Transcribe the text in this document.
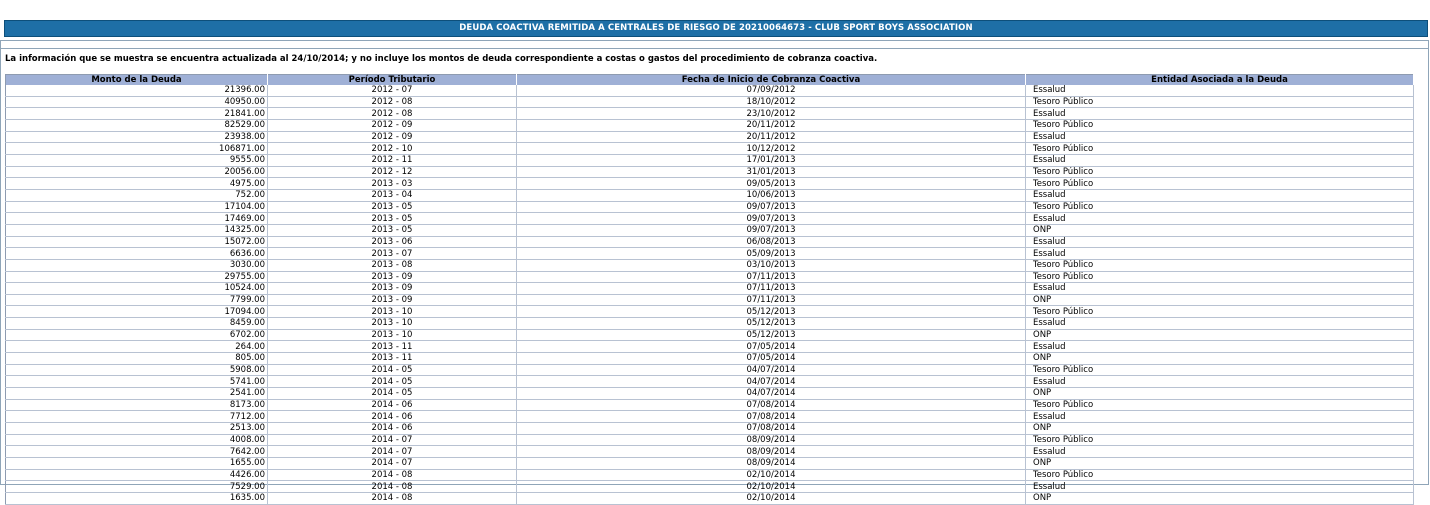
DEUDA COACTIVA REMITIDA A CENTRALES DE RIESGO DE 20210064673 - CLUB SPORT BOYS ASSOCIATION
La información que se muestra se encuentra actualizada al 24/10/2014; y no incluye los montos de deuda correspondiente a costas o gastos del procedimiento de cobranza coactiva.
Monto de la Deuda	Período Tributario	Fecha de Inicio de Cobranza Coactiva	Entidad Asociada a la Deuda
21396.00	2012 - 07	07/09/2012	Essalud
40950.00	2012 - 08	18/10/2012	Tesoro Público
21841.00	2012 - 08	23/10/2012	Essalud
82529.00	2012 - 09	20/11/2012	Tesoro Público
23938.00	2012 - 09	20/11/2012	Essalud
106871.00	2012 - 10	10/12/2012	Tesoro Público
9555.00	2012 - 11	17/01/2013	Essalud
20056.00	2012 - 12	31/01/2013	Tesoro Público
4975.00	2013 - 03	09/05/2013	Tesoro Público
752.00	2013 - 04	10/06/2013	Essalud
17104.00	2013 - 05	09/07/2013	Tesoro Público
17469.00	2013 - 05	09/07/2013	Essalud
14325.00	2013 - 05	09/07/2013	ONP
15072.00	2013 - 06	06/08/2013	Essalud
6636.00	2013 - 07	05/09/2013	Essalud
3030.00	2013 - 08	03/10/2013	Tesoro Público
29755.00	2013 - 09	07/11/2013	Tesoro Público
10524.00	2013 - 09	07/11/2013	Essalud
7799.00	2013 - 09	07/11/2013	ONP
17094.00	2013 - 10	05/12/2013	Tesoro Público
8459.00	2013 - 10	05/12/2013	Essalud
6702.00	2013 - 10	05/12/2013	ONP
264.00	2013 - 11	07/05/2014	Essalud
805.00	2013 - 11	07/05/2014	ONP
5908.00	2014 - 05	04/07/2014	Tesoro Público
5741.00	2014 - 05	04/07/2014	Essalud
2541.00	2014 - 05	04/07/2014	ONP
8173.00	2014 - 06	07/08/2014	Tesoro Público
7712.00	2014 - 06	07/08/2014	Essalud
2513.00	2014 - 06	07/08/2014	ONP
4008.00	2014 - 07	08/09/2014	Tesoro Público
7642.00	2014 - 07	08/09/2014	Essalud
1655.00	2014 - 07	08/09/2014	ONP
4426.00	2014 - 08	02/10/2014	Tesoro Público
7529.00	2014 - 08	02/10/2014	Essalud
1635.00	2014 - 08	02/10/2014	ONP
